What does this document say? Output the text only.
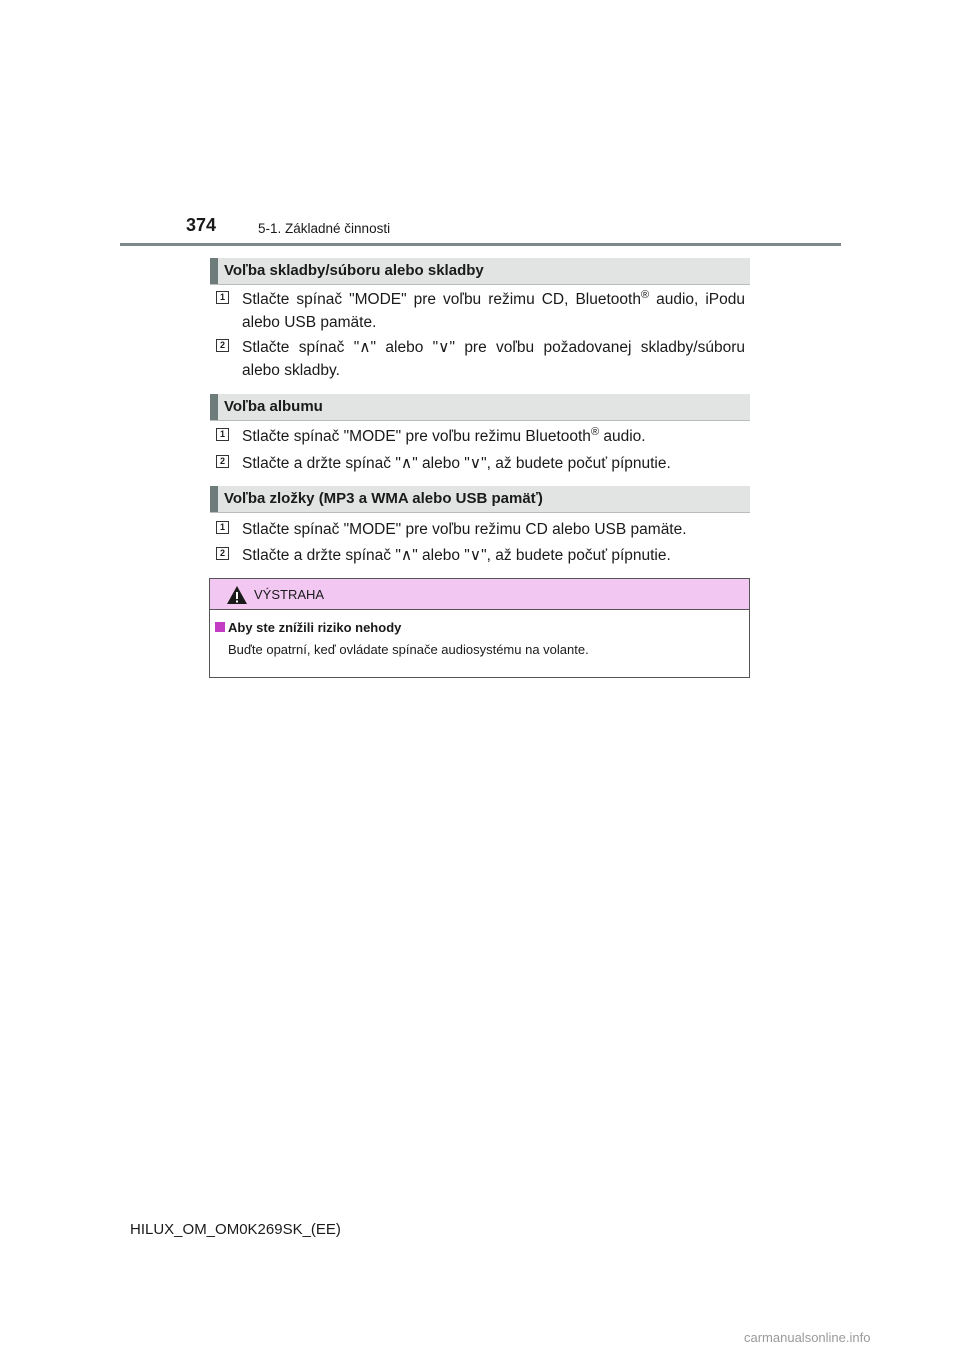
374	5-1. Základné činnosti
Voľba skladby/súboru alebo skladby
1 Stlačte spínač "MODE" pre voľbu režimu CD, Bluetooth® audio, iPodu alebo USB pamäte.
2 Stlačte spínač "∧" alebo "∨" pre voľbu požadovanej skladby/súboru alebo skladby.
Voľba albumu
1 Stlačte spínač "MODE" pre voľbu režimu Bluetooth® audio.
2 Stlačte a držte spínač "∧" alebo "∨", až budete počuť pípnutie.
Voľba zložky (MP3 a WMA alebo USB pamäť)
1 Stlačte spínač "MODE" pre voľbu režimu CD alebo USB pamäte.
2 Stlačte a držte spínač "∧" alebo "∨", až budete počuť pípnutie.
VÝSTRAHA
Aby ste znížili riziko nehody
Buďte opatrní, keď ovládate spínače audiosystému na volante.
HILUX_OM_OM0K269SK_(EE)
carmanualsonline.info
